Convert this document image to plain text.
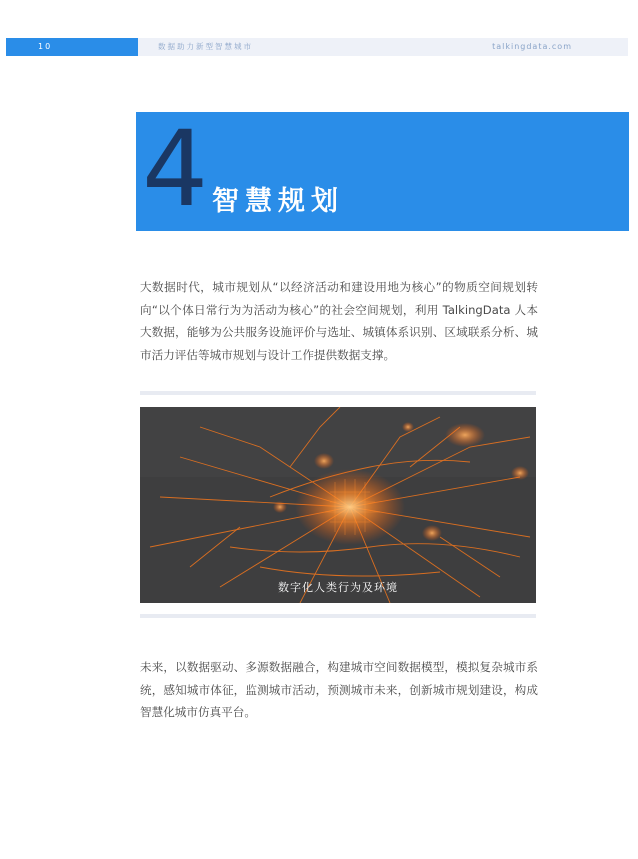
10	数据助力新型智慧城市	talkingdata.com
4 智慧规划

大数据时代，城市规划从“以经济活动和建设用地为核心”的物质空间规划转向“以个体日常行为为活动为核心”的社会空间规划，利用 TalkingData 人本大数据，能够为公共服务设施评价与选址、城镇体系识别、区域联系分析、城市活力评估等城市规划与设计工作提供数据支撑。

数字化人类行为及环境

未来，以数据驱动、多源数据融合，构建城市空间数据模型，模拟复杂城市系统，感知城市体征，监测城市活动，预测城市未来，创新城市规划建设，构成智慧化城市仿真平台。
